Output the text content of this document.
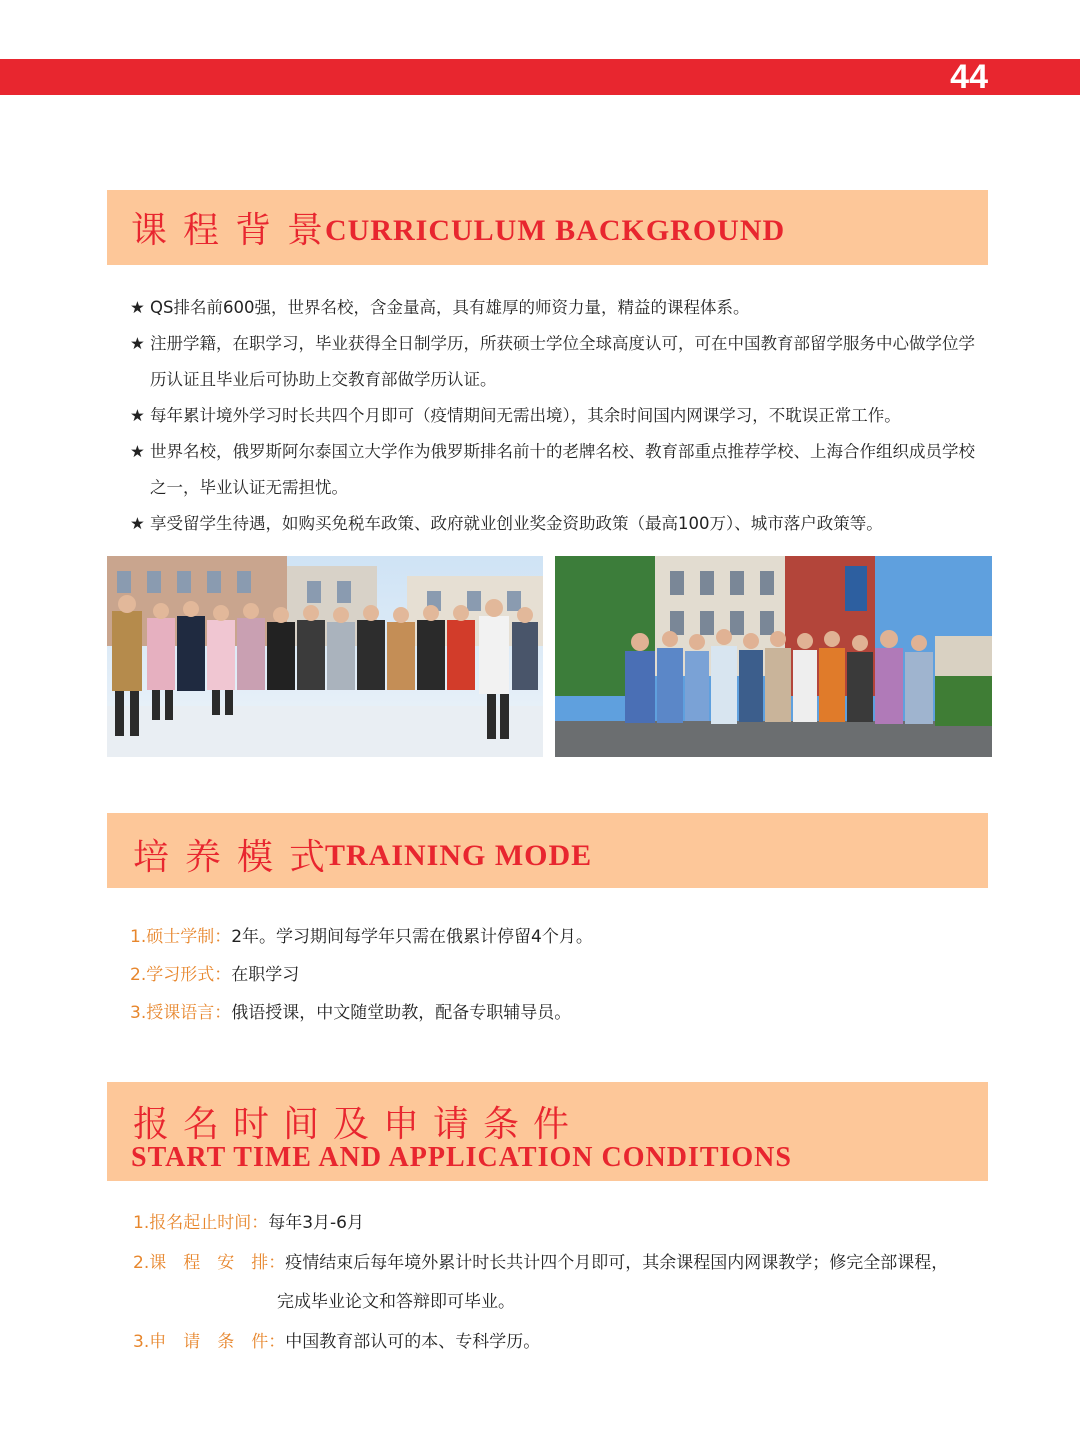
44
课程背景
CURRICULUM BACKGROUND
★ QS排名前600强，世界名校，含金量高，具有雄厚的师资力量，精益的课程体系。
★ 注册学籍，在职学习，毕业获得全日制学历，所获硕士学位全球高度认可，可在中国教育部留学服务中心做学位学历认证且毕业后可协助上交教育部做学历认证。
★ 每年累计境外学习时长共四个月即可（疫情期间无需出境），其余时间国内网课学习，不耽误正常工作。
★ 世界名校，俄罗斯阿尔泰国立大学作为俄罗斯排名前十的老牌名校、教育部重点推荐学校、上海合作组织成员学校之一，毕业认证无需担忧。
★ 享受留学生待遇，如购买免税车政策、政府就业创业奖金资助政策（最高100万）、城市落户政策等。
培养模式
TRAINING MODE
1.硕士学制：2年。学习期间每学年只需在俄累计停留4个月。
2.学习形式：在职学习
3.授课语言：俄语授课，中文随堂助教，配备专职辅导员。
报名时间及申请条件
START TIME AND APPLICATION CONDITIONS
1.报名起止时间：每年3月-6月
2.课　程　安　排：疫情结束后每年境外累计时长共计四个月即可，其余课程国内网课教学；修完全部课程，
完成毕业论文和答辩即可毕业。
3.申　请　条　件：中国教育部认可的本、专科学历。
